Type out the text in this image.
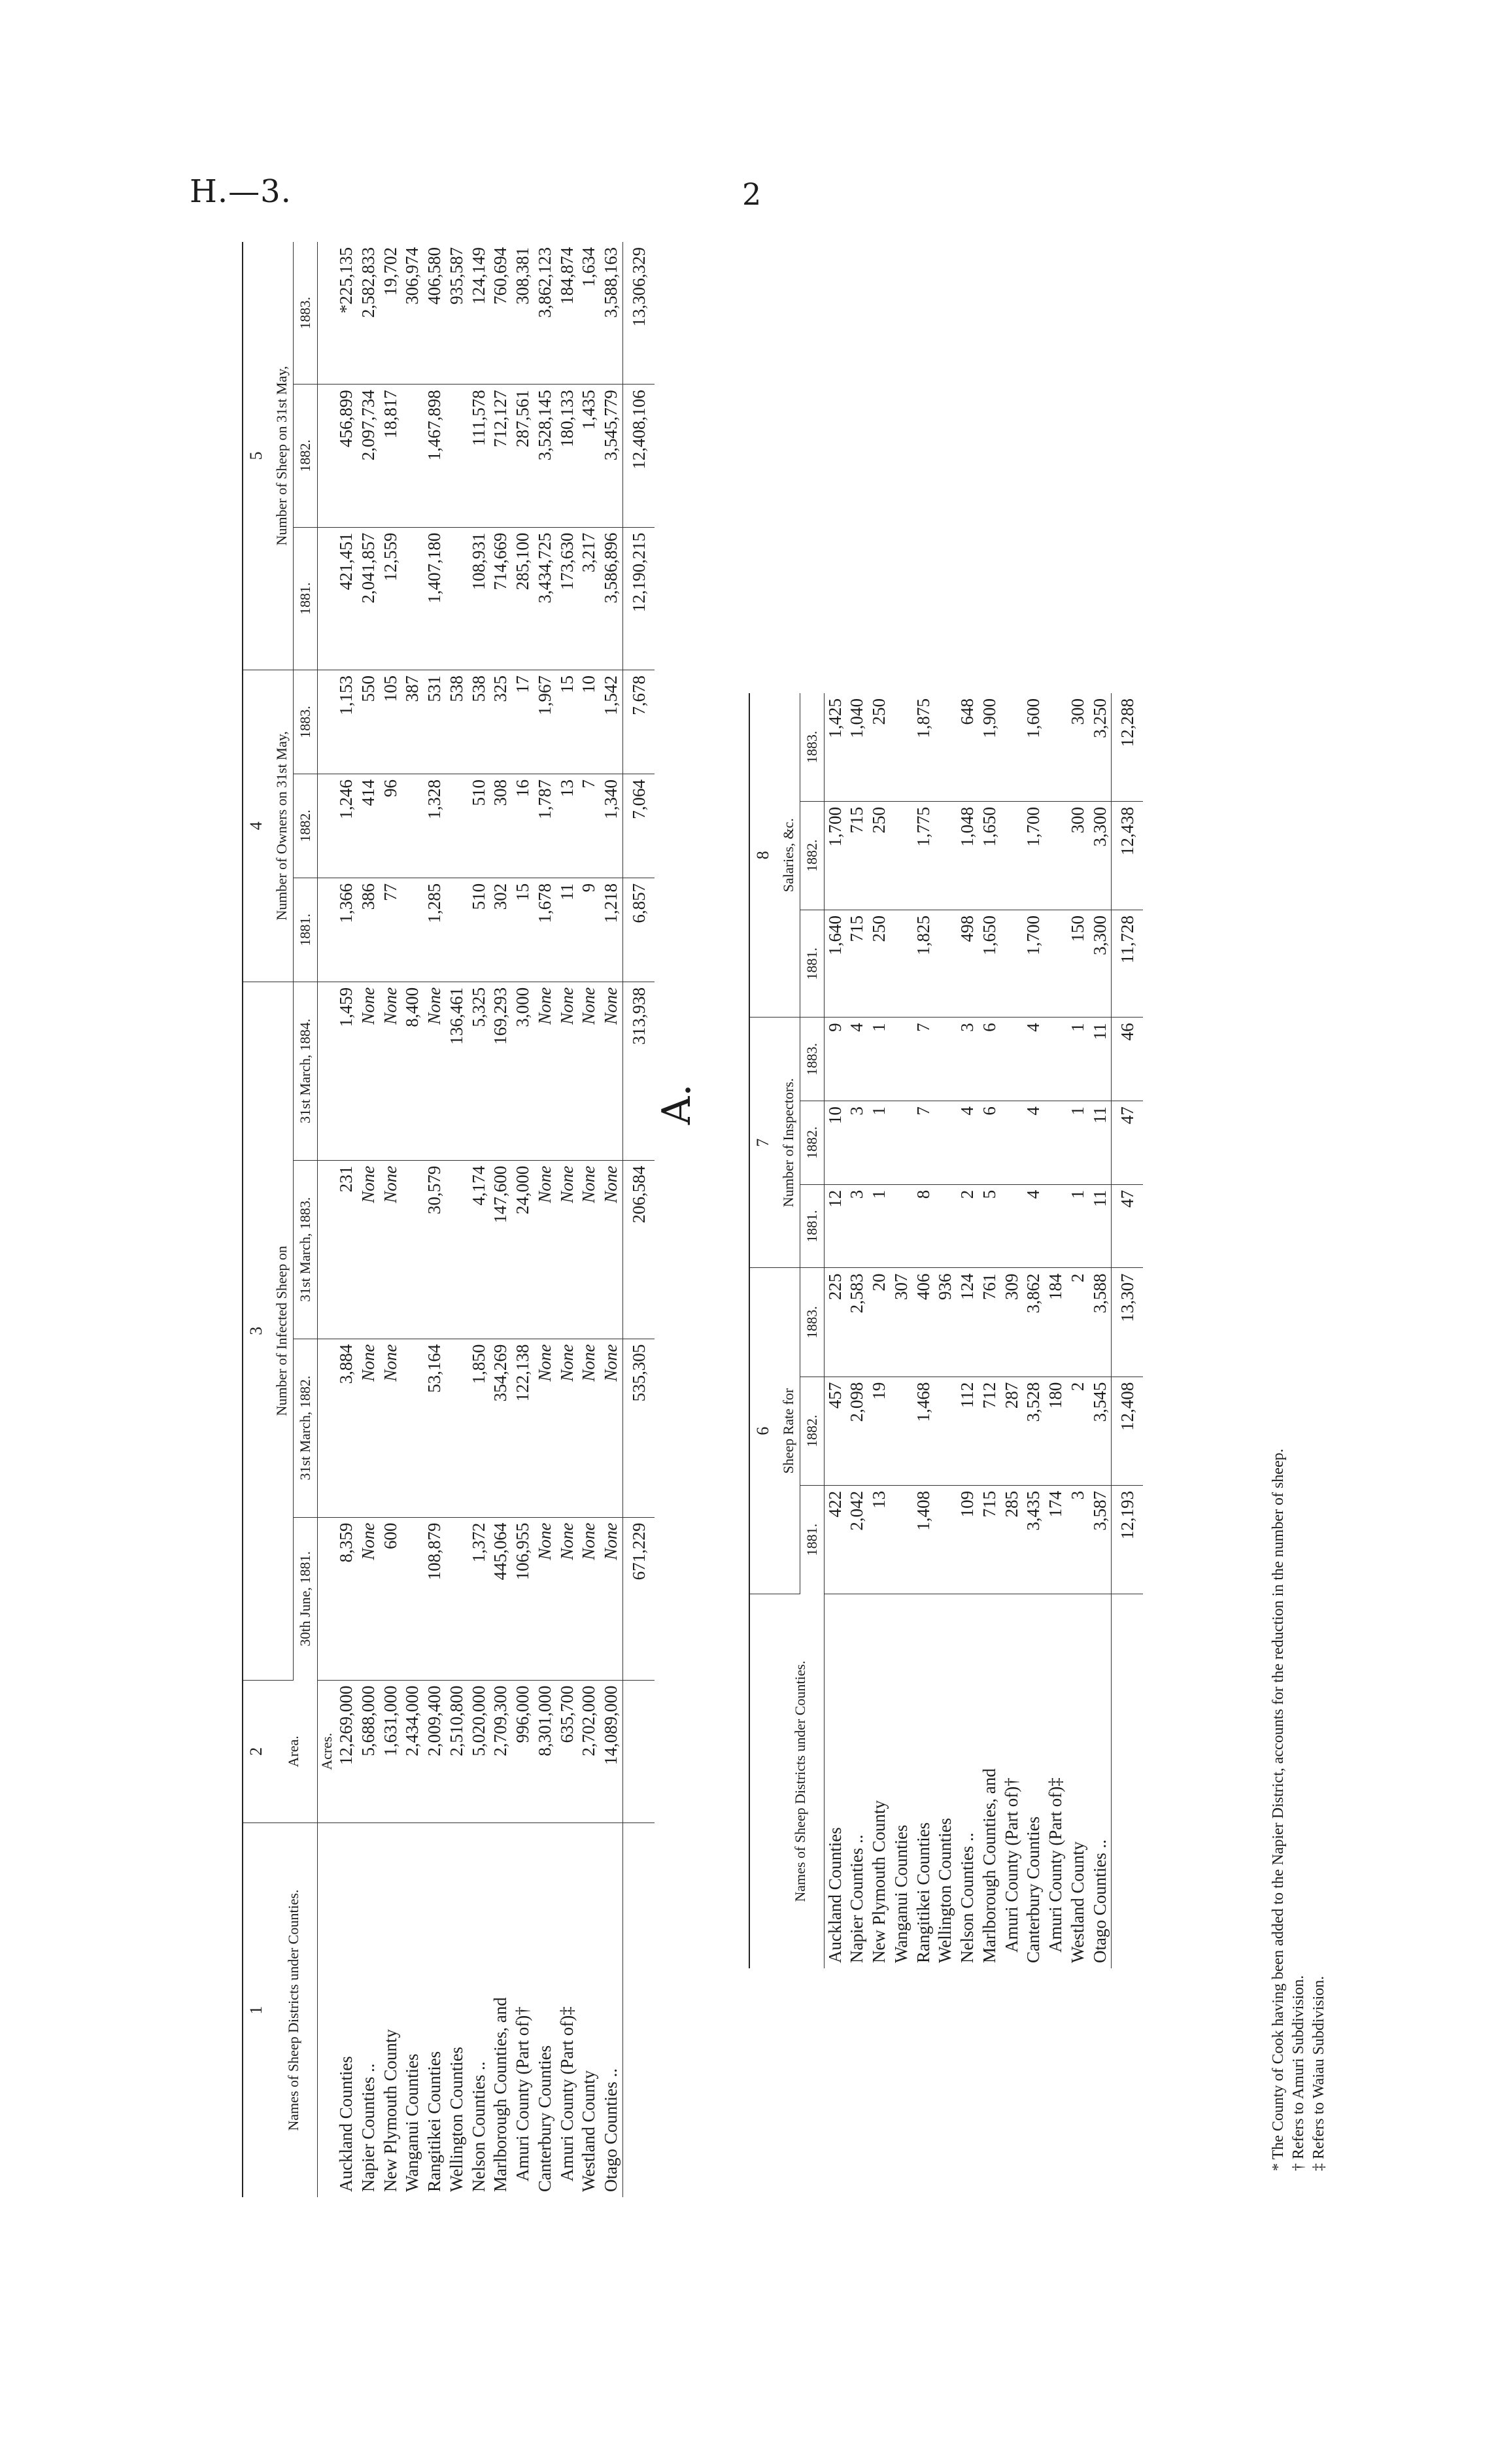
H.—3.	2
A.
1	2	3				4			5		
Names of Sheep Districts under Counties.	Area.	Number of Infected Sheep on				Number of Owners on 31st May,			Number of Sheep on 31st May,		
		30th June, 1881.	31st March, 1882.	31st March, 1883.	31st March, 1884.	1881.	1882.	1883.	1881.	1882.	1883.
	Acres.										
Auckland Counties	12,269,000	8,359	3,884	231	1,459	1,366	1,246	1,153	421,451	456,899	*225,135
Napier Counties ..	5,688,000	None	None	None	None	386	414	550	2,041,857	2,097,734	2,582,833
New Plymouth County	1,631,000	600	None	None	None	77	96	105	12,559	18,817	19,702
Wanganui Counties	2,434,000				8,400			387			306,974
Rangitikei Counties	2,009,400	108,879	53,164	30,579	None	1,285	1,328	531	1,407,180	1,467,898	406,580
Wellington Counties	2,510,800				136,461			538			935,587
Nelson Counties ..	5,020,000	1,372	1,850	4,174	5,325	510	510	538	108,931	111,578	124,149
Marlborough Counties, and	2,709,300	445,064	354,269	147,600	169,293	302	308	325	714,669	712,127	760,694
Amuri County (Part of)†	996,000	106,955	122,138	24,000	3,000	15	16	17	285,100	287,561	308,381
Canterbury Counties	8,301,000	None	None	None	None	1,678	1,787	1,967	3,434,725	3,528,145	3,862,123
Amuri County (Part of)‡	635,700	None	None	None	None	11	13	15	173,630	180,133	184,874
Westland County	2,702,000	None	None	None	None	9	7	10	3,217	1,435	1,634
Otago Counties ..	14,089,000	None	None	None	None	1,218	1,340	1,542	3,586,896	3,545,779	3,588,163
		671,229	535,305	206,584	313,938	6,857	7,064	7,678	12,190,215	12,408,106	13,306,329
	6			7			8		
Names of Sheep Districts under Counties.	Sheep Rate for			Number of Inspectors.			Salaries, &c.		
	1881.	1882.	1883.	1881.	1882.	1883.	1881.	1882.	1883.
Auckland Counties	422	457	225	12	10	9	1,640	1,700	1,425
Napier Counties ..	2,042	2,098	2,583	3	3	4	715	715	1,040
New Plymouth County	13	19	20	1	1	1	250	250	250
Wanganui Counties			307						
Rangitikei Counties	1,408	1,468	406	8	7	7	1,825	1,775	1,875
Wellington Counties			936						
Nelson Counties ..	109	112	124	2	4	3	498	1,048	648
Marlborough Counties, and	715	712	761	5	6	6	1,650	1,650	1,900
Amuri County (Part of)†	285	287	309						
Canterbury Counties	3,435	3,528	3,862	4	4	4	1,700	1,700	1,600
Amuri County (Part of)‡	174	180	184						
Westland County	3	2	2	1	1	1	150	300	300
Otago Counties ..	3,587	3,545	3,588	11	11	11	3,300	3,300	3,250
	12,193	12,408	13,307	47	47	46	11,728	12,438	12,288
* The County of Cook having been added to the Napier District, accounts for the reduction in the number of sheep. † Refers to Amuri Subdivision. ‡ Refers to Waiau Subdivision.
